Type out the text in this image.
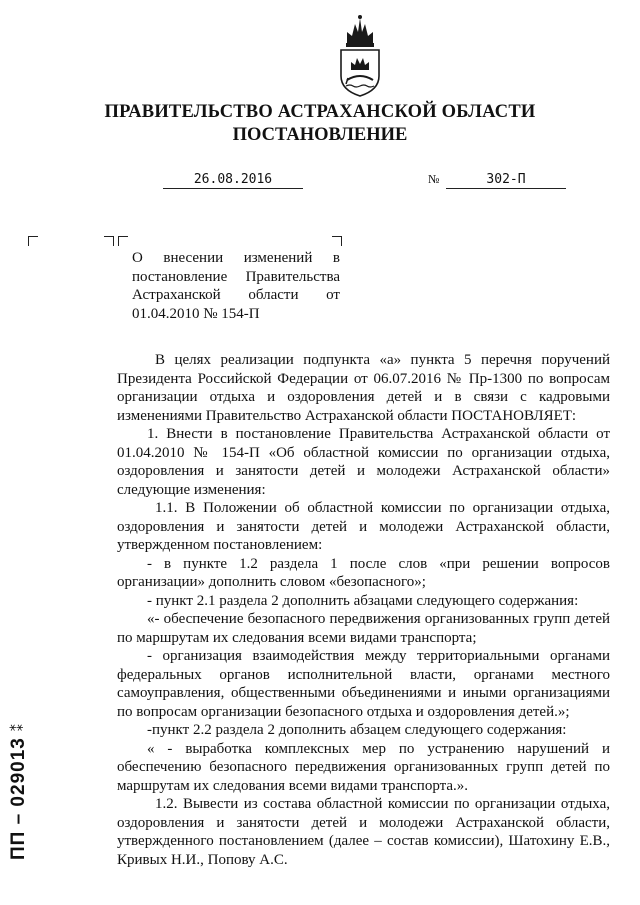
ПРАВИТЕЛЬСТВО АСТРАХАНСКОЙ ОБЛАСТИ
ПОСТАНОВЛЕНИЕ
26.08.2016	№	302-П
О внесении изменений в постановление Правительства Астраханской области от 01.04.2010 № 154-П

В целях реализации подпункта «а» пункта 5 перечня поручений Президента Российской Федерации от 06.07.2016 № Пр-1300 по вопросам организации отдыха и оздоровления детей и в связи с кадровыми изменениями Правительство Астраханской области ПОСТАНОВЛЯЕТ:

1. Внести в постановление Правительства Астраханской области от 01.04.2010 № 154-П «Об областной комиссии по организации отдыха, оздоровления и занятости детей и молодежи Астраханской области» следующие изменения:

1.1. В Положении об областной комиссии по организации отдыха, оздоровления и занятости детей и молодежи Астраханской области, утвержденном постановлением:

- в пункте 1.2 раздела 1 после слов «при решении вопросов организации» дополнить словом «безопасного»;

- пункт 2.1 раздела 2 дополнить абзацами следующего содержания:

«- обеспечение безопасного передвижения организованных групп детей по маршрутам их следования всеми видами транспорта;

- организация взаимодействия между территориальными органами федеральных органов исполнительной власти, органами местного самоуправления, общественными объединениями и иными организациями по вопросам организации безопасного отдыха и оздоровления детей.»;

-пункт 2.2 раздела 2 дополнить абзацем следующего содержания:

« - выработка комплексных мер по устранению нарушений и обеспечению безопасного передвижения организованных групп детей по маршрутам их следования всеми видами транспорта.».

1.2. Вывести из состава областной комиссии по организации отдыха, оздоровления и занятости детей и молодежи Астраханской области, утвержденного постановлением (далее – состав комиссии), Шатохину Е.В., Кривых Н.И., Попову А.С.

ПП – 029013⁑
